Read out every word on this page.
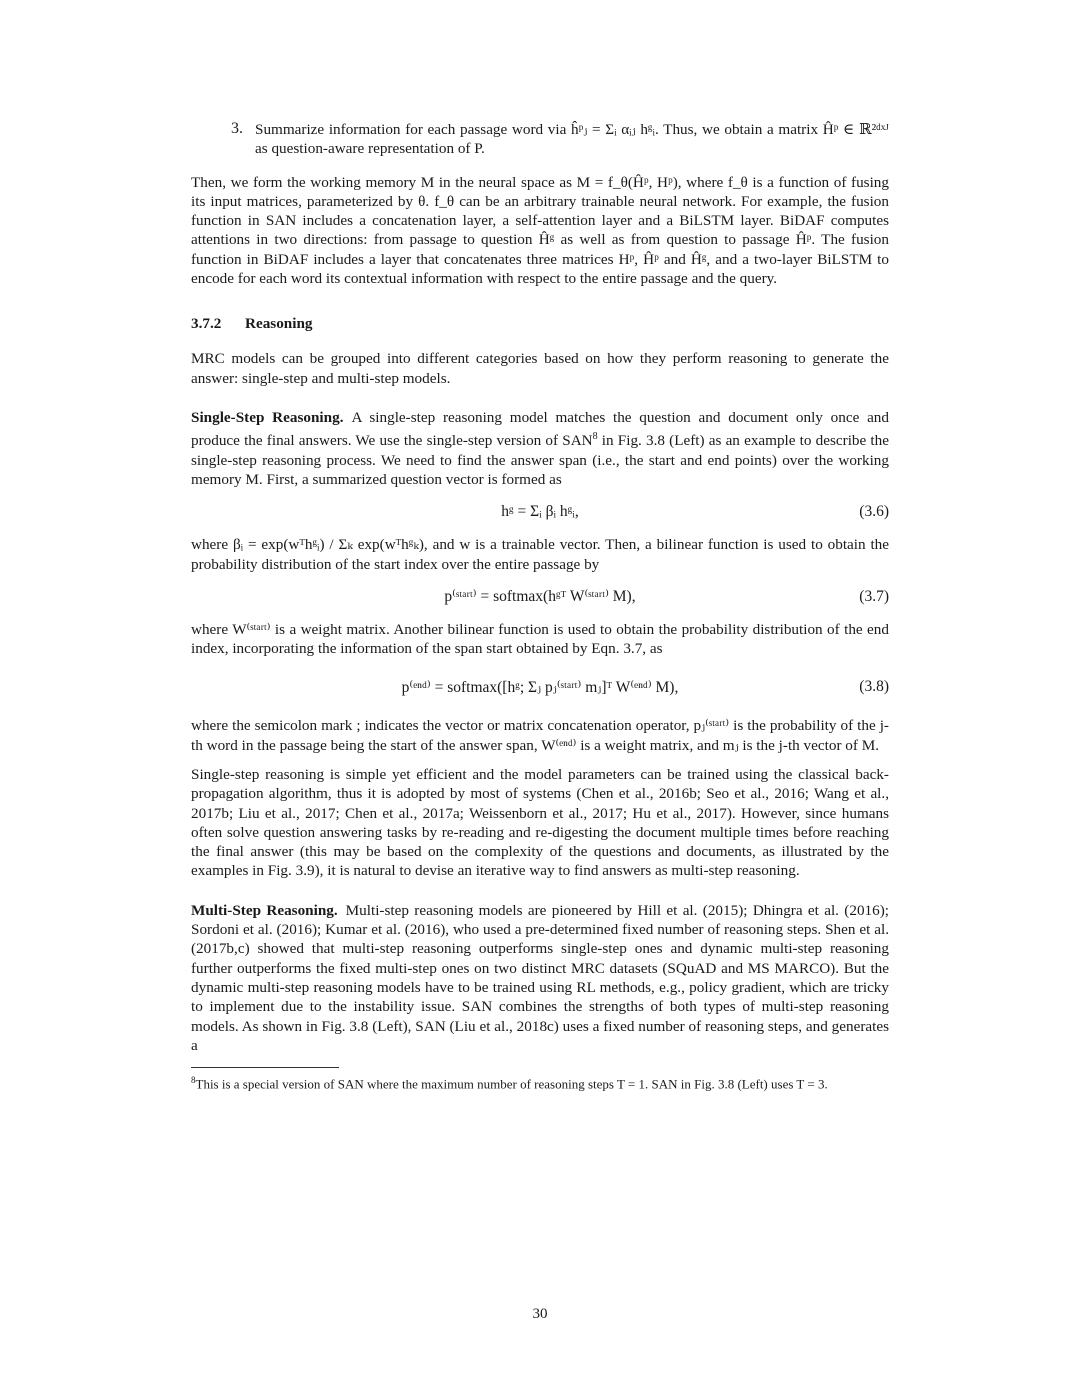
3. Summarize information for each passage word via ĥᵖⱼ = Σᵢ αᵢⱼ hᵍᵢ. Thus, we obtain a matrix Ĥᵖ ∈ ℝ²ᵈˣᴶ as question-aware representation of P.

Then, we form the working memory M in the neural space as M = f_θ(Ĥᵖ, Hᵖ), where f_θ is a function of fusing its input matrices, parameterized by θ. f_θ can be an arbitrary trainable neural network. For example, the fusion function in SAN includes a concatenation layer, a self-attention layer and a BiLSTM layer. BiDAF computes attentions in two directions: from passage to question Ĥᵍ as well as from question to passage Ĥᵖ. The fusion function in BiDAF includes a layer that concatenates three matrices Hᵖ, Ĥᵖ and Ĥᵍ, and a two-layer BiLSTM to encode for each word its contextual information with respect to the entire passage and the query.

3.7.2 Reasoning

MRC models can be grouped into different categories based on how they perform reasoning to generate the answer: single-step and multi-step models.

Single-Step Reasoning. A single-step reasoning model matches the question and document only once and produce the final answers. We use the single-step version of SAN$^8$ in Fig. 3.8 (Left) as an example to describe the single-step reasoning process. We need to find the answer span (i.e., the start and end points) over the working memory M. First, a summarized question vector is formed as

hᵍ = Σᵢ βᵢ hᵍᵢ,	(3.6)

where βᵢ = exp(wᵀhᵍᵢ) / Σₖ exp(wᵀhᵍₖ), and w is a trainable vector. Then, a bilinear function is used to obtain the probability distribution of the start index over the entire passage by

p⁽ˢᵗᵃʳᵗ⁾ = softmax(hᵍᵀ W⁽ˢᵗᵃʳᵗ⁾ M),	(3.7)

where W⁽ˢᵗᵃʳᵗ⁾ is a weight matrix. Another bilinear function is used to obtain the probability distribution of the end index, incorporating the information of the span start obtained by Eqn. 3.7, as

p⁽ᵉⁿᵈ⁾ = softmax([hᵍ; Σⱼ pⱼ⁽ˢᵗᵃʳᵗ⁾ mⱼ]ᵀ W⁽ᵉⁿᵈ⁾ M),	(3.8)

where the semicolon mark ; indicates the vector or matrix concatenation operator, pⱼ⁽ˢᵗᵃʳᵗ⁾ is the probability of the j-th word in the passage being the start of the answer span, W⁽ᵉⁿᵈ⁾ is a weight matrix, and mⱼ is the j-th vector of M.

Single-step reasoning is simple yet efficient and the model parameters can be trained using the classical back-propagation algorithm, thus it is adopted by most of systems (Chen et al., 2016b; Seo et al., 2016; Wang et al., 2017b; Liu et al., 2017; Chen et al., 2017a; Weissenborn et al., 2017; Hu et al., 2017). However, since humans often solve question answering tasks by re-reading and re-digesting the document multiple times before reaching the final answer (this may be based on the complexity of the questions and documents, as illustrated by the examples in Fig. 3.9), it is natural to devise an iterative way to find answers as multi-step reasoning.

Multi-Step Reasoning. Multi-step reasoning models are pioneered by Hill et al. (2015); Dhingra et al. (2016); Sordoni et al. (2016); Kumar et al. (2016), who used a pre-determined fixed number of reasoning steps. Shen et al. (2017b,c) showed that multi-step reasoning outperforms single-step ones and dynamic multi-step reasoning further outperforms the fixed multi-step ones on two distinct MRC datasets (SQuAD and MS MARCO). But the dynamic multi-step reasoning models have to be trained using RL methods, e.g., policy gradient, which are tricky to implement due to the instability issue. SAN combines the strengths of both types of multi-step reasoning models. As shown in Fig. 3.8 (Left), SAN (Liu et al., 2018c) uses a fixed number of reasoning steps, and generates a

$^8$This is a special version of SAN where the maximum number of reasoning steps T = 1. SAN in Fig. 3.8 (Left) uses T = 3.

30
